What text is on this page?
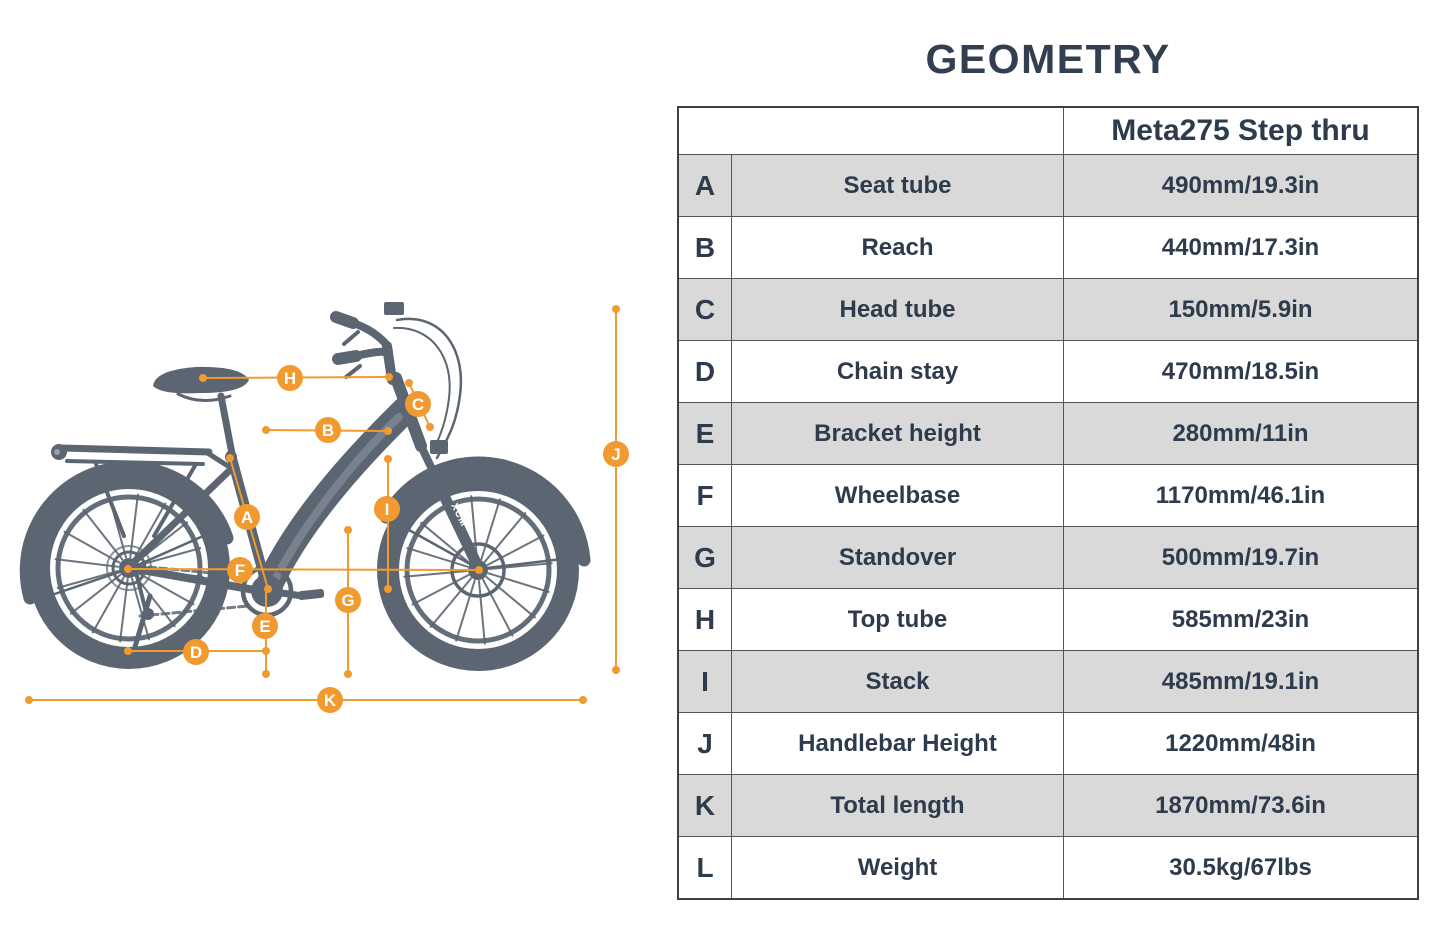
XCM
A
B
C
D
E
F
G
H
I
J
K
GEOMETRY
Meta275 Step thru
A	Seat tube	490mm/19.3in
B	Reach	440mm/17.3in
C	Head tube	150mm/5.9in
D	Chain stay	470mm/18.5in
E	Bracket height	280mm/11in
F	Wheelbase	1170mm/46.1in
G	Standover	500mm/19.7in
H	Top tube	585mm/23in
I	Stack	485mm/19.1in
J	Handlebar Height	1220mm/48in
K	Total length	1870mm/73.6in
L	Weight	30.5kg/67lbs
